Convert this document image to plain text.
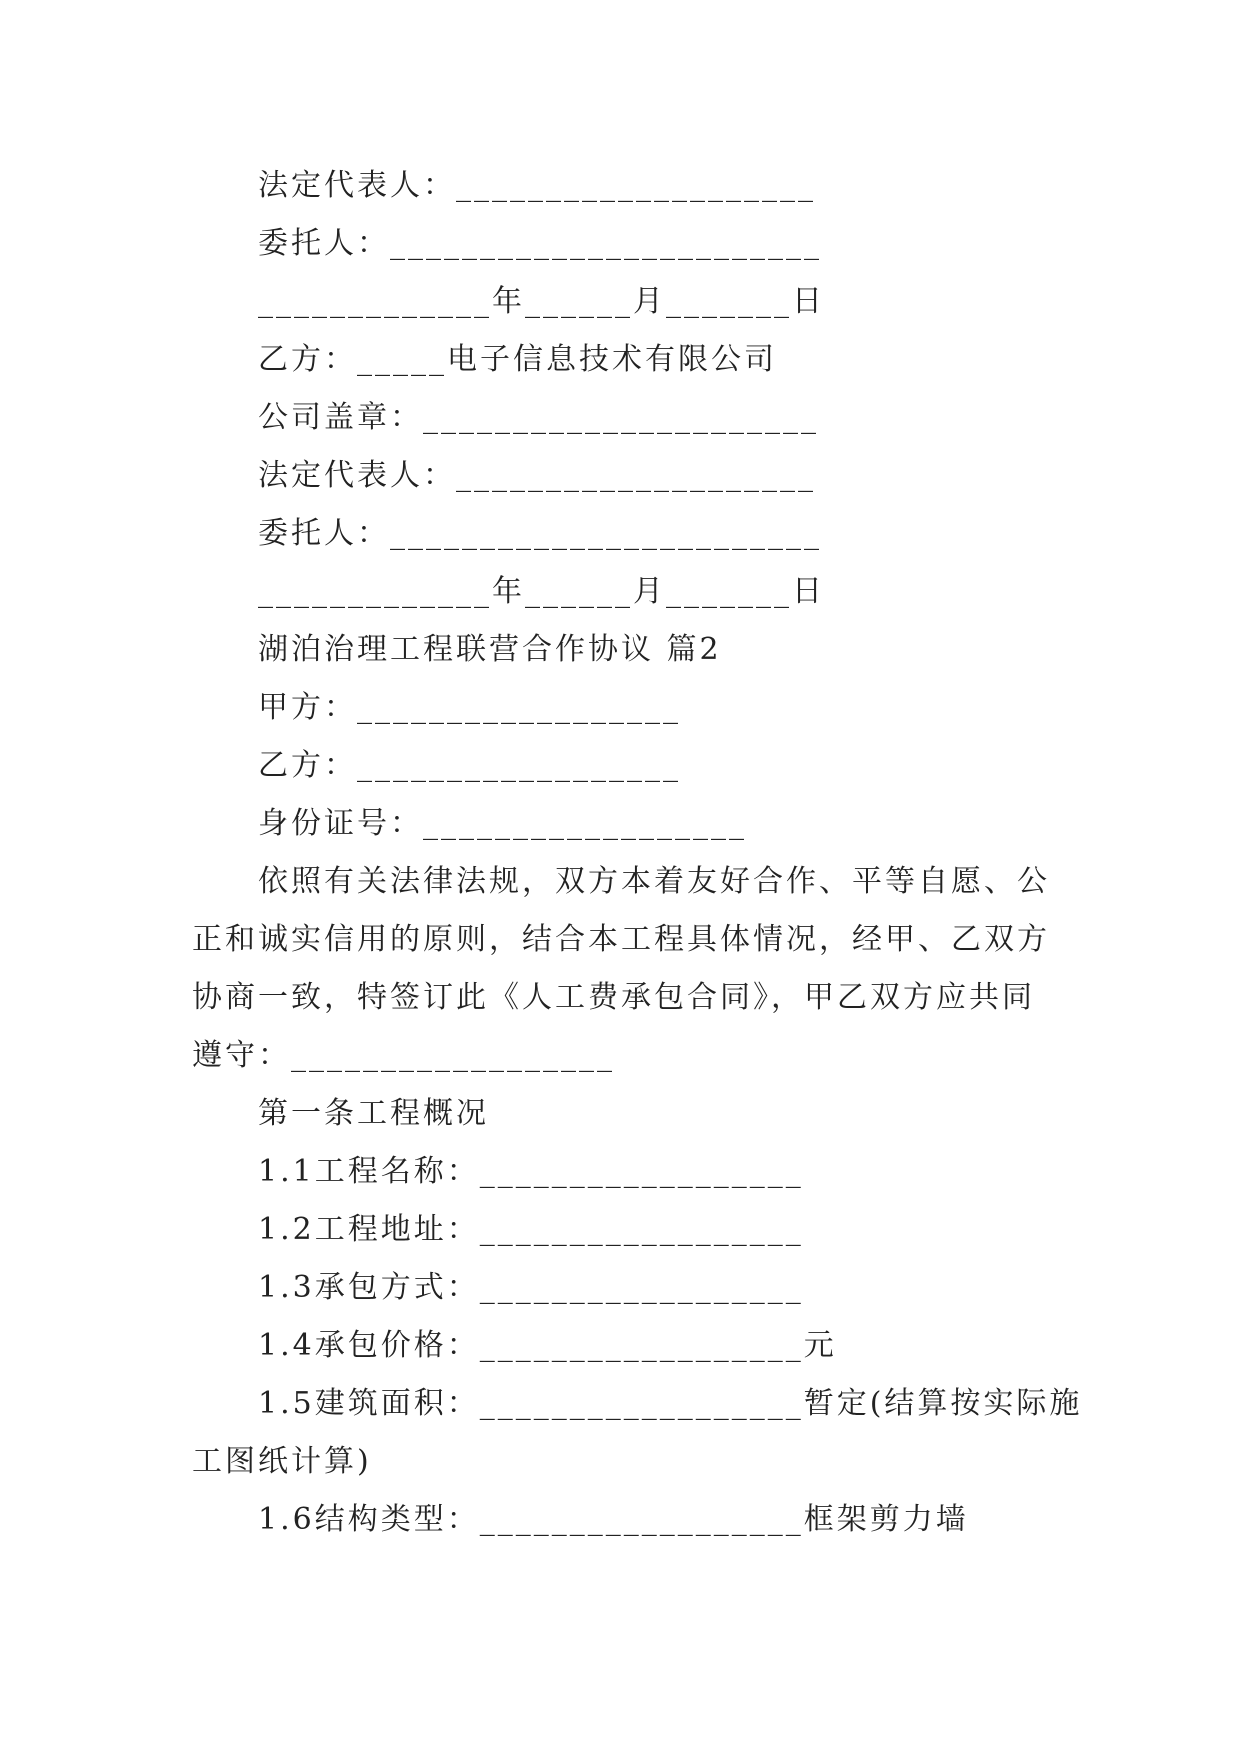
法定代表人：____________________
委托人：________________________
_____________年______月_______日
乙方：_____电子信息技术有限公司
公司盖章：______________________
法定代表人：____________________
委托人：________________________
_____________年______月_______日
湖泊治理工程联营合作协议 篇2
甲方：__________________
乙方：__________________
身份证号：__________________
依照有关法律法规，双方本着友好合作、平等自愿、公
正和诚实信用的原则，结合本工程具体情况，经甲、乙双方
协商一致，特签订此《人工费承包合同》，甲乙双方应共同
遵守：__________________
第一条工程概况
1.1工程名称：__________________
1.2工程地址：__________________
1.3承包方式：__________________
1.4承包价格：__________________元
1.5建筑面积：__________________暂定(结算按实际施
工图纸计算)
1.6结构类型：__________________框架剪力墙
